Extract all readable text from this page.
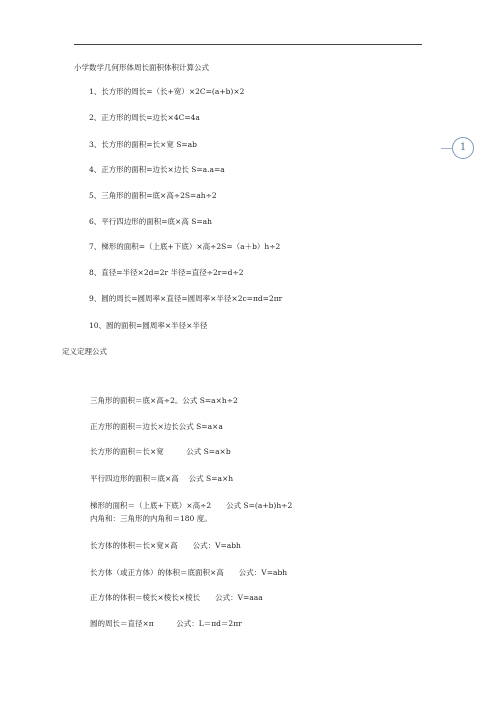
1
小学数学几何形体周长面积体积计算公式
1、长方形的周长=（长+宽）×2C=(a+b)×2
2、正方形的周长=边长×4C=4a
3、长方形的面积=长×宽 S=ab
4、正方形的面积=边长×边长 S=a.a=a
5、三角形的面积=底×高÷2S=ah÷2
6、平行四边形的面积=底×高 S=ah
7、梯形的面积=（上底+下底）×高÷2S=（a＋b）h÷2
8、直径=半径×2d=2r 半径=直径÷2r=d÷2
9、圆的周长=圆周率×直径=圆周率×半径×2c=πd=2πr
10、圆的面积=圆周率×半径×半径
定义定理公式
三角形的面积＝底×高÷2。公式 S=a×h÷2
正方形的面积＝边长×边长公式 S=a×a
长方形的面积＝长×宽　　　公式 S=a×b
平行四边形的面积＝底×高　 公式 S=a×h
梯形的面积＝（上底+下底）×高÷2　　公式 S=(a+b)h÷2
内角和：三角形的内角和＝180 度。
长方体的体积＝长×宽×高　　公式：V=abh
长方体（或正方体）的体积＝底面积×高　　公式：V=abh
正方体的体积＝棱长×棱长×棱长　　公式：V=aaa
圆的周长＝直径×π　　　公式：L＝πd＝2πr
